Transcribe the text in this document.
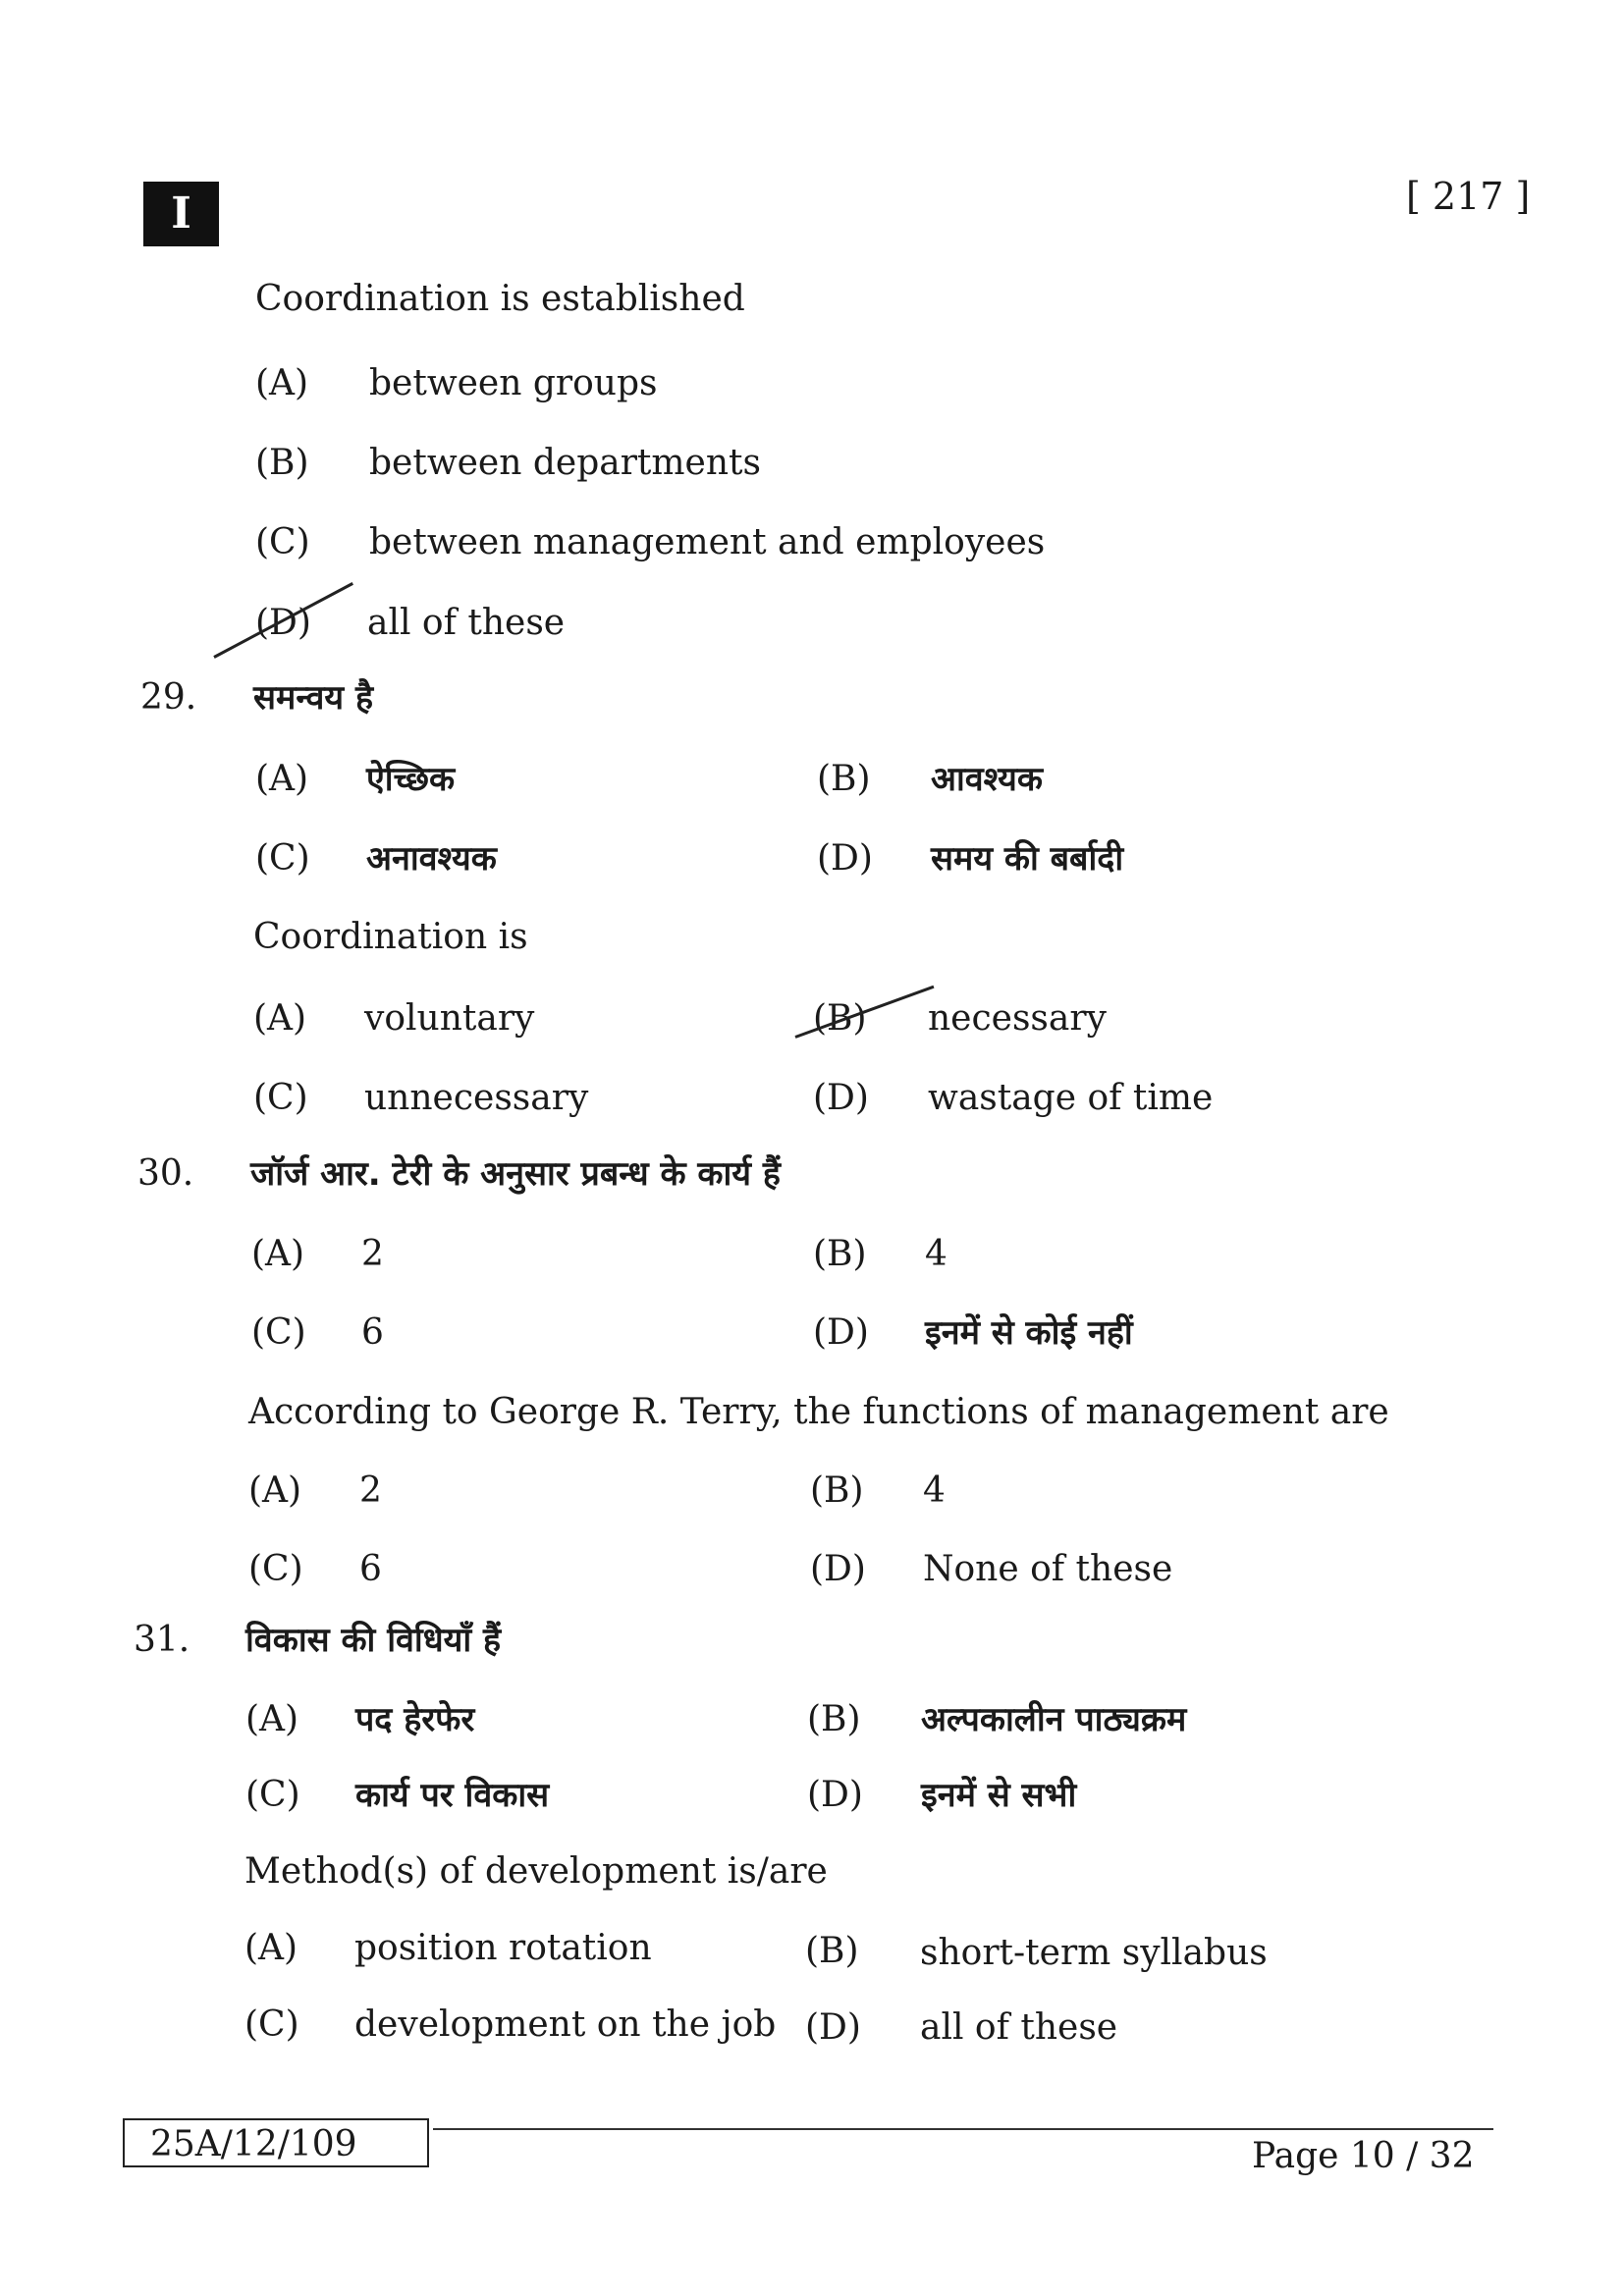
I	[ 217 ]
Coordination is established
(A) between groups
(B) between departments
(C) between management and employees
(D) all of these
29. समन्वय है
(A) ऐच्छिक	(B) आवश्यक
(C) अनावश्यक	(D) समय की बर्बादी
Coordination is
(A) voluntary	(B) necessary
(C) unnecessary	(D) wastage of time
30. जॉर्ज आर. टेरी के अनुसार प्रबन्ध के कार्य हैं
(A) 2	(B) 4
(C) 6	(D) इनमें से कोई नहीं
According to George R. Terry, the functions of management are
(A) 2	(B) 4
(C) 6	(D) None of these
31. विकास की विधियाँ हैं
(A) पद हेरफेर	(B) अल्पकालीन पाठ्यक्रम
(C) कार्य पर विकास	(D) इनमें से सभी
Method(s) of development is/are
(A) position rotation	(B) short-term syllabus
(C) development on the job (D) all of these
25A/12/109	Page 10 / 32
